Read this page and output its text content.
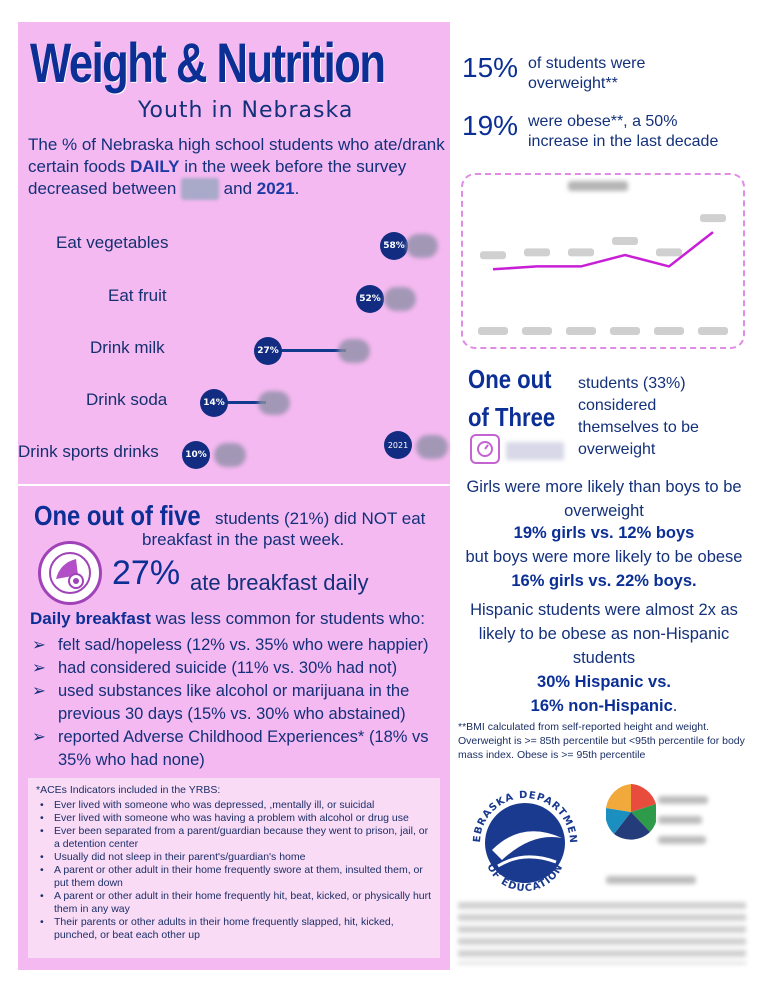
Weight & Nutrition
Youth in Nebraska
The % of Nebraska high school students who ate/drank certain foods DAILY in the week before the survey decreased between  and 2021.
Eat vegetables	58%
Eat fruit	52%
Drink milk	27%
Drink soda	14%
Drink sports drinks	10%
2021
One out of five students (21%) did NOT eat
breakfast in the past week.
27% ate breakfast daily
Daily breakfast was less common for students who:
➢ felt sad/hopeless (12% vs. 35% who were happier)
➢ had considered suicide (11% vs. 30% had not)
➢ used substances like alcohol or marijuana in the previous 30 days (15% vs. 30% who abstained)
➢ reported Adverse Childhood Experiences* (18% vs 35% who had none)
*ACEs Indicators included in the YRBS:
• Ever lived with someone who was depressed, ,mentally ill, or suicidal
• Ever lived with someone who was having a problem with alcohol or drug use
• Ever been separated from a parent/guardian because they went to prison, jail, or a detention center
• Usually did not sleep in their parent's/guardian's home
• A parent or other adult in their home frequently swore at them, insulted them, or put them down
• A parent or other adult in their home frequently hit, beat, kicked, or physically hurt them in any way
• Their parents or other adults in their home frequently slapped, hit, kicked, punched, or beat each other up
15% of students were overweight**
19% were obese**, a 50% increase in the last decade
One out
of Three
students (33%) considered themselves to be overweight
Girls were more likely than boys to be overweight
19% girls vs. 12% boys
but boys were more likely to be obese
16% girls vs. 22% boys.
Hispanic students were almost 2x as likely to be obese as non-Hispanic students
30% Hispanic vs.
16% non-Hispanic.
**BMI calculated from self-reported height and weight. Overweight is >= 85th percentile but <95th percentile for body mass index. Obese is >= 95th percentile
EBRASKA DEPARTMEN
OF EDUCATION
